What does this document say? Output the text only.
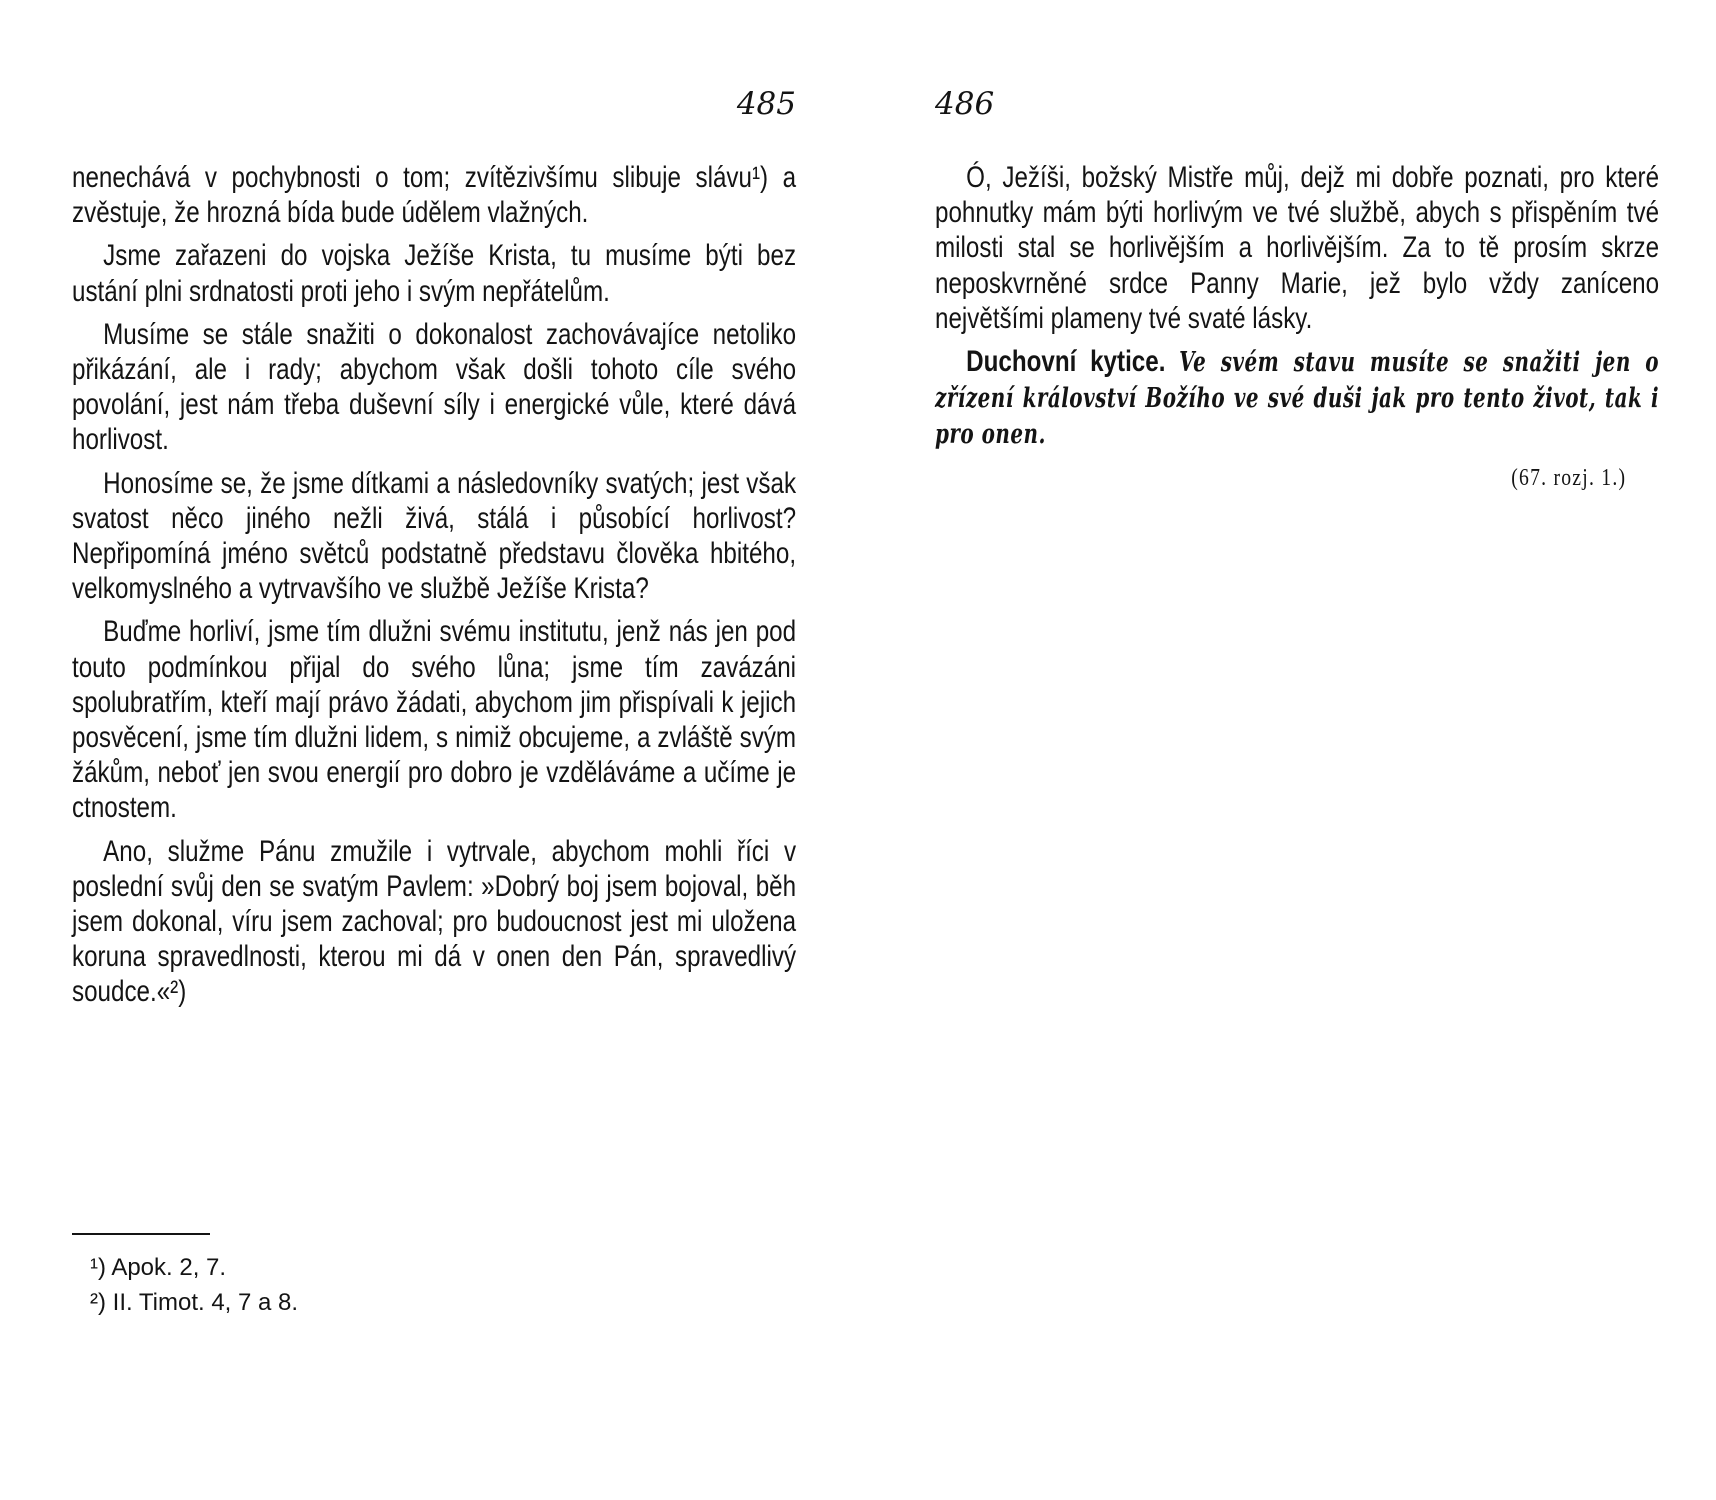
485

nenechává v pochybnosti o tom; zvítězivšímu slibuje slávu¹) a zvěstuje, že hrozná bída bude údělem vlažných.

Jsme zařazeni do vojska Ježíše Krista, tu musíme býti bez ustání plni srdnatosti proti jeho i svým nepřátelům.

Musíme se stále snažiti o dokonalost zachovávajíce netoliko přikázání, ale i rady; abychom však došli tohoto cíle svého povolání, jest nám třeba duševní síly i energické vůle, které dává horlivost.

Honosíme se, že jsme dítkami a následovníky svatých; jest však svatost něco jiného nežli živá, stálá i působící horlivost? Nepřipomíná jméno světců podstatně představu člověka hbitého, velkomyslného a vytrvavšího ve službě Ježíše Krista?

Buďme horliví, jsme tím dlužni svému institutu, jenž nás jen pod touto podmínkou přijal do svého lůna; jsme tím zavázáni spolubratřím, kteří mají právo žádati, abychom jim přispívali k jejich posvěcení, jsme tím dlužni lidem, s nimiž obcujeme, a zvláště svým žákům, neboť jen svou energií pro dobro je vzděláváme a učíme je ctnostem.

Ano, služme Pánu zmužile i vytrvale, abychom mohli říci v poslední svůj den se svatým Pavlem: »Dobrý boj jsem bojoval, běh jsem dokonal, víru jsem zachoval; pro budoucnost jest mi uložena koruna spravedlnosti, kterou mi dá v onen den Pán, spravedlivý soudce.«²)

¹) Apok. 2, 7.
²) II. Timot. 4, 7 a 8.
486

Ó, Ježíši, božský Mistře můj, dejž mi dobře poznati, pro které pohnutky mám býti horlivým ve tvé službě, abych s přispěním tvé milosti stal se horlivějším a horlivějším. Za to tě prosím skrze neposkvrněné srdce Panny Marie, jež bylo vždy zaníceno největšími plameny tvé svaté lásky.

Duchovní kytice. Ve svém stavu musíte se snažiti jen o zřízení království Božího ve své duši jak pro tento život, tak i pro onen.

(67. rozj. 1.)
